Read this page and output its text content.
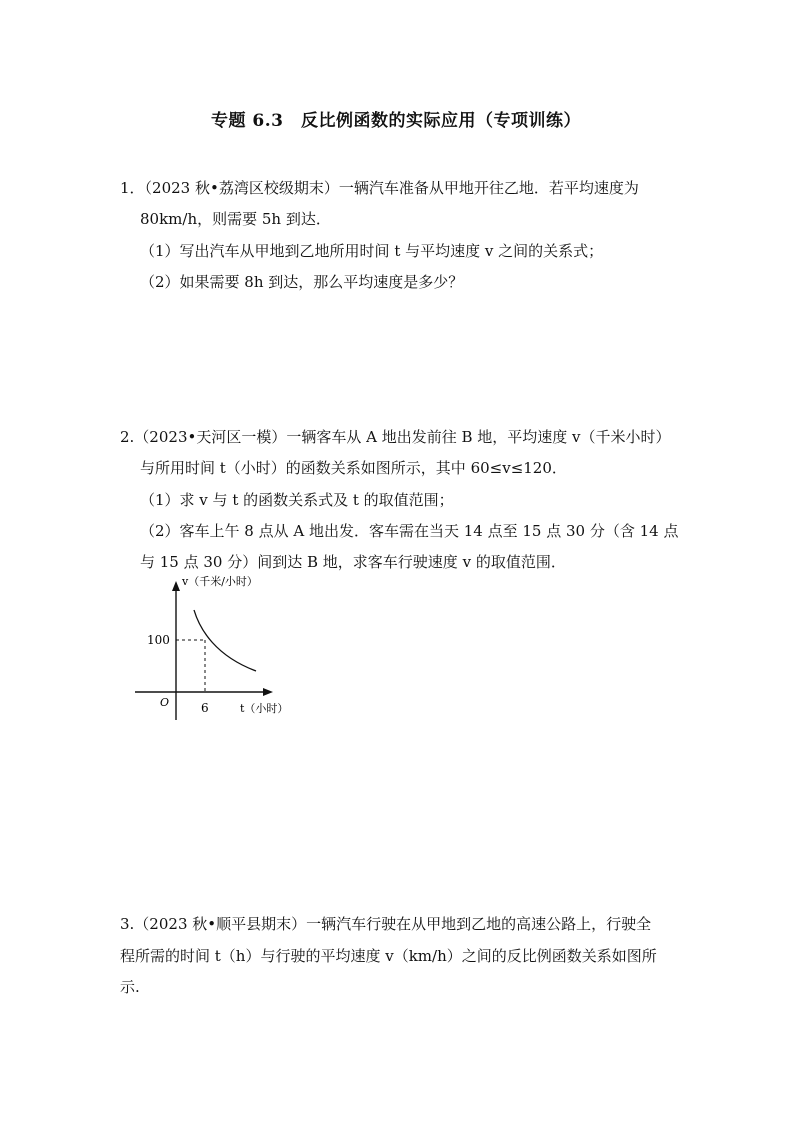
专题 6.3　反比例函数的实际应用（专项训练）
1．（2023 秋•荔湾区校级期末）一辆汽车准备从甲地开往乙地．若平均速度为
80km/h，则需要 5h 到达．
（1）写出汽车从甲地到乙地所用时间 t 与平均速度 v 之间的关系式；
（2）如果需要 8h 到达，那么平均速度是多少？
2.（2023•天河区一模）一辆客车从 A 地出发前往 B 地，平均速度 v（千米小时）
与所用时间 t（小时）的函数关系如图所示，其中 60≤v≤120．
（1）求 v 与 t 的函数关系式及 t 的取值范围；
（2）客车上午 8 点从 A 地出发．客车需在当天 14 点至 15 点 30 分（含 14 点
与 15 点 30 分）间到达 B 地，求客车行驶速度 v 的取值范围．
v（千米/小时）
t（小时）
O
100
6
3.（2023 秋•顺平县期末）一辆汽车行驶在从甲地到乙地的高速公路上，行驶全
程所需的时间 t（h）与行驶的平均速度 v（km/h）之间的反比例函数关系如图所
示.
